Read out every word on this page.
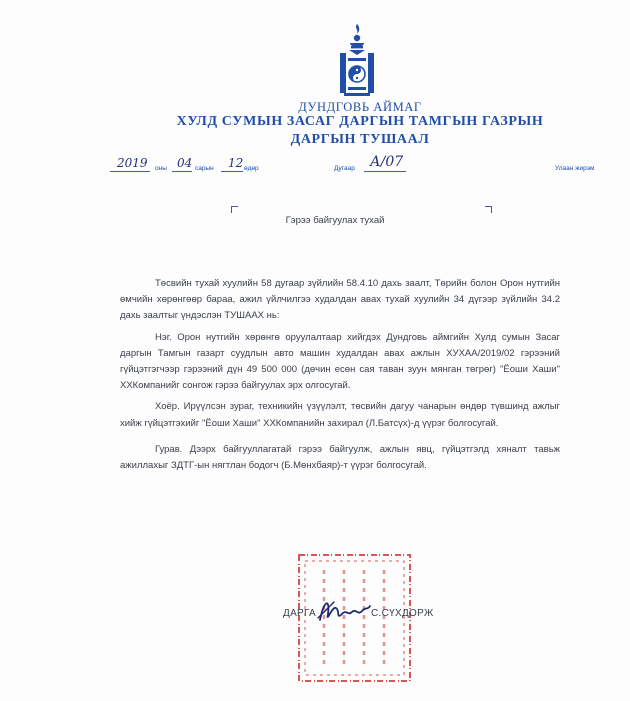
ДУНДГОВЬ АЙМАГ
ХУЛД СУМЫН ЗАСАГ ДАРГЫН ТАМГЫН ГАЗРЫН
ДАРГЫН ТУШААЛ
2019 оны 04 сарын 12 өдөр	Дугаар А/07	Улаан жирэм
Гэрээ байгуулах тухай

Төсвийн тухай хуулийн 58 дугаар зүйлийн 58.4.10 дахь заалт, Төрийн болон Орон нутгийн өмчийн хөрөнгөөр бараа, ажил үйлчилгээ худалдан авах тухай хуулийн 34 дүгээр зүйлийн 34.2 дахь заалтыг үндэслэн ТУШААХ нь:

Нэг. Орон нутгийн хөрөнгө оруулалтаар хийгдэх Дундговь аймгийн Хулд сумын Засаг даргын Тамгын газарт суудлын авто машин худалдан авах ажлын ХУХАА/2019/02 гэрээний гүйцэтгэгчээр гэрээний дүн 49 500 000 (дөчин есөн сая таван зуун мянган төгрөг) "Ёоши Хаши" ХХКомпанийг сонгож гэрээ байгуулах эрх олгосугай.

Хоёр. Ирүүлсэн зураг, техникийн үзүүлэлт, төсвийн дагуу чанарын өндөр түвшинд ажлыг хийж гүйцэтгэхийг "Ёоши Хаши" ХХКомпанийн захирал (Л.Батсүх)-д үүрэг болгосугай.

Гурав. Дээрх байгууллагатай гэрээ байгуулж, ажлын явц, гүйцэтгэлд хяналт тавьж ажиллахыг ЗДТГ-ын нягтлан бодогч (Б.Мөнхбаяр)-т үүрэг болгосугай.

ДАРГА	С.СҮХДОРЖ
